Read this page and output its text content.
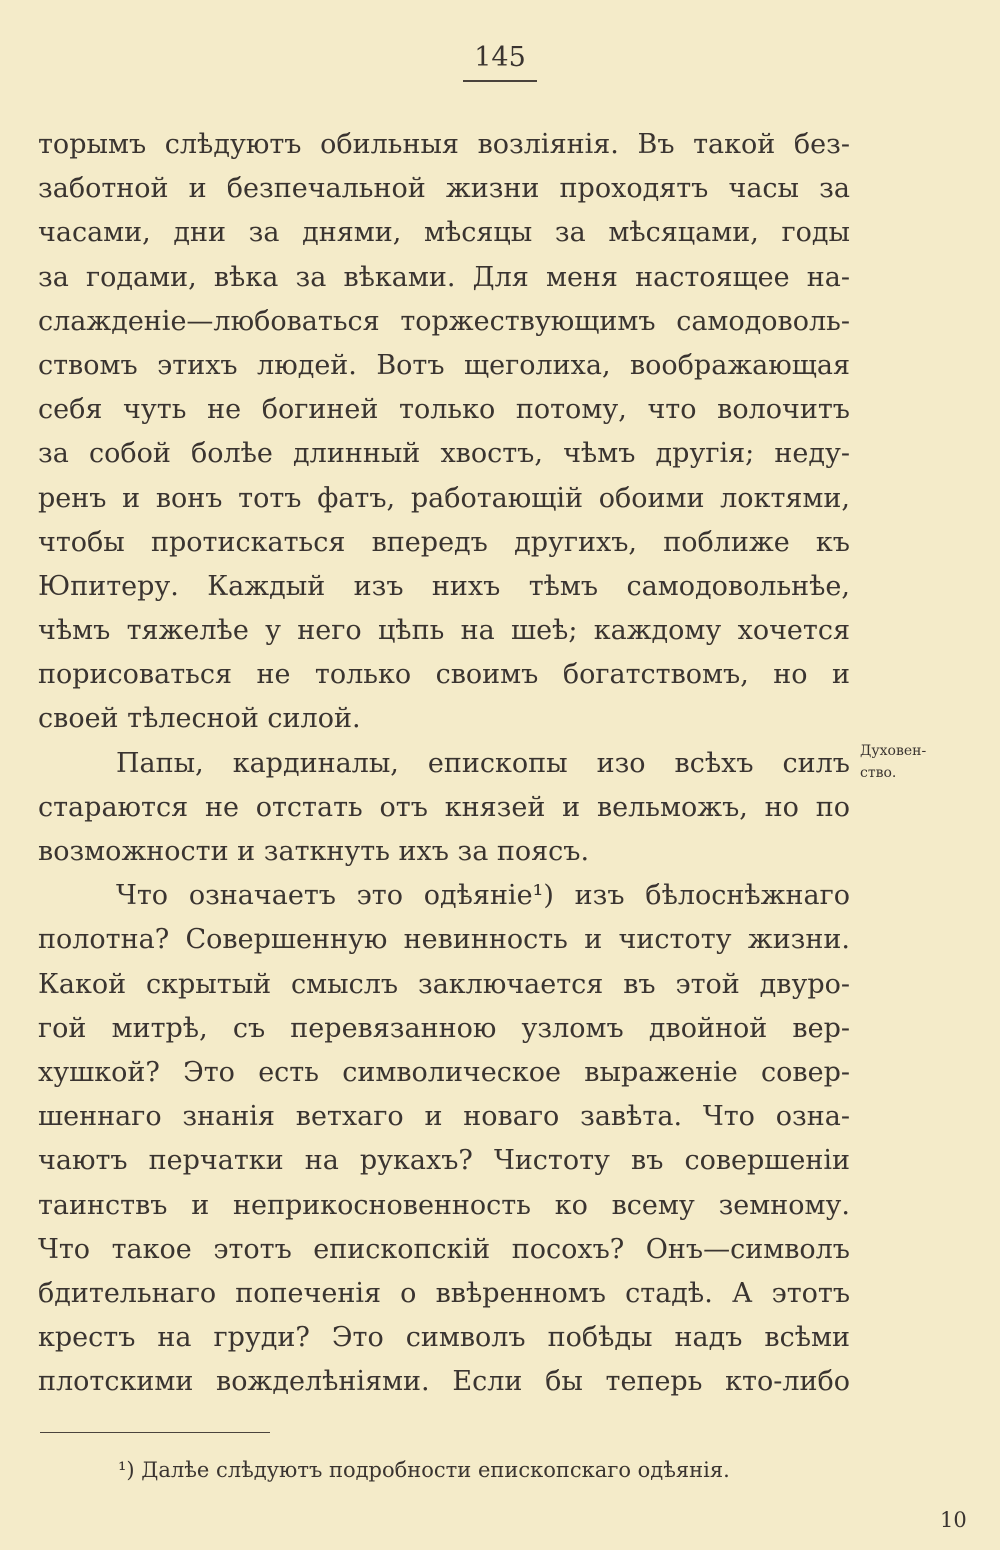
145
торымъ слѣдуютъ обильныя возліянія. Въ такой без-
заботной и безпечальной жизни проходятъ часы за
часами, дни за днями, мѣсяцы за мѣсяцами, годы
за годами, вѣка за вѣками. Для меня настоящее на-
слажденіе—любоваться торжествующимъ самодоволь-
ствомъ этихъ людей. Вотъ щеголиха, воображающая
себя чуть не богиней только потому, что волочитъ
за собой болѣе длинный хвостъ, чѣмъ другія; неду-
ренъ и вонъ тотъ фатъ, работающій обоими локтями,
чтобы протискаться впередъ другихъ, поближе къ
Юпитеру. Каждый изъ нихъ тѣмъ самодовольнѣе,
чѣмъ тяжелѣе у него цѣпь на шеѣ; каждому хочется
порисоваться не только своимъ богатствомъ, но и
своей тѣлесной силой.
Папы, кардиналы, епископы изо всѣхъ силъ
стараются не отстать отъ князей и вельможъ, но по
возможности и заткнуть ихъ за поясъ.
Что означаетъ это одѣяніе¹) изъ бѣлоснѣжнаго
полотна? Совершенную невинность и чистоту жизни.
Какой скрытый смыслъ заключается въ этой двуро-
гой митрѣ, съ перевязанною узломъ двойной вер-
хушкой? Это есть символическое выраженіе совер-
шеннаго знанія ветхаго и новаго завѣта. Что озна-
чаютъ перчатки на рукахъ? Чистоту въ совершеніи
таинствъ и неприкосновенность ко всему земному.
Что такое этотъ епископскій посохъ? Онъ—символъ
бдительнаго попеченія о ввѣренномъ стадѣ. А этотъ
крестъ на груди? Это символъ побѣды надъ всѣми
плотскими вожделѣніями. Если бы теперь кто-либо
Духовен-
ство.
¹) Далѣе слѣдуютъ подробности епископскаго одѣянія.
10
